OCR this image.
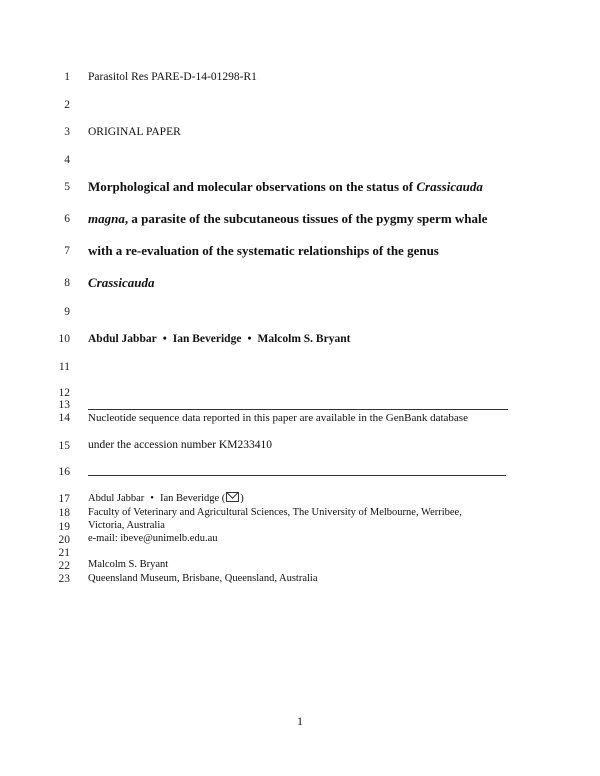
1
2
3
4
5
6
7
8
9
10
11
12
13
14
15
16
17
18
19
20
21
22
23
Parasitol Res PARE-D-14-01298-R1
ORIGINAL PAPER
Morphological and molecular observations on the status of Crassicauda
magna, a parasite of the subcutaneous tissues of the pygmy sperm whale
with a re-evaluation of the systematic relationships of the genus
Crassicauda
Abdul Jabbar • Ian Beveridge • Malcolm S. Bryant
Nucleotide sequence data reported in this paper are available in the GenBank database
under the accession number KM233410
Abdul Jabbar • Ian Beveridge ( )
Faculty of Veterinary and Agricultural Sciences, The University of Melbourne, Werribee,
Victoria, Australia
e-mail: ibeve@unimelb.edu.au
Malcolm S. Bryant
Queensland Museum, Brisbane, Queensland, Australia
1
